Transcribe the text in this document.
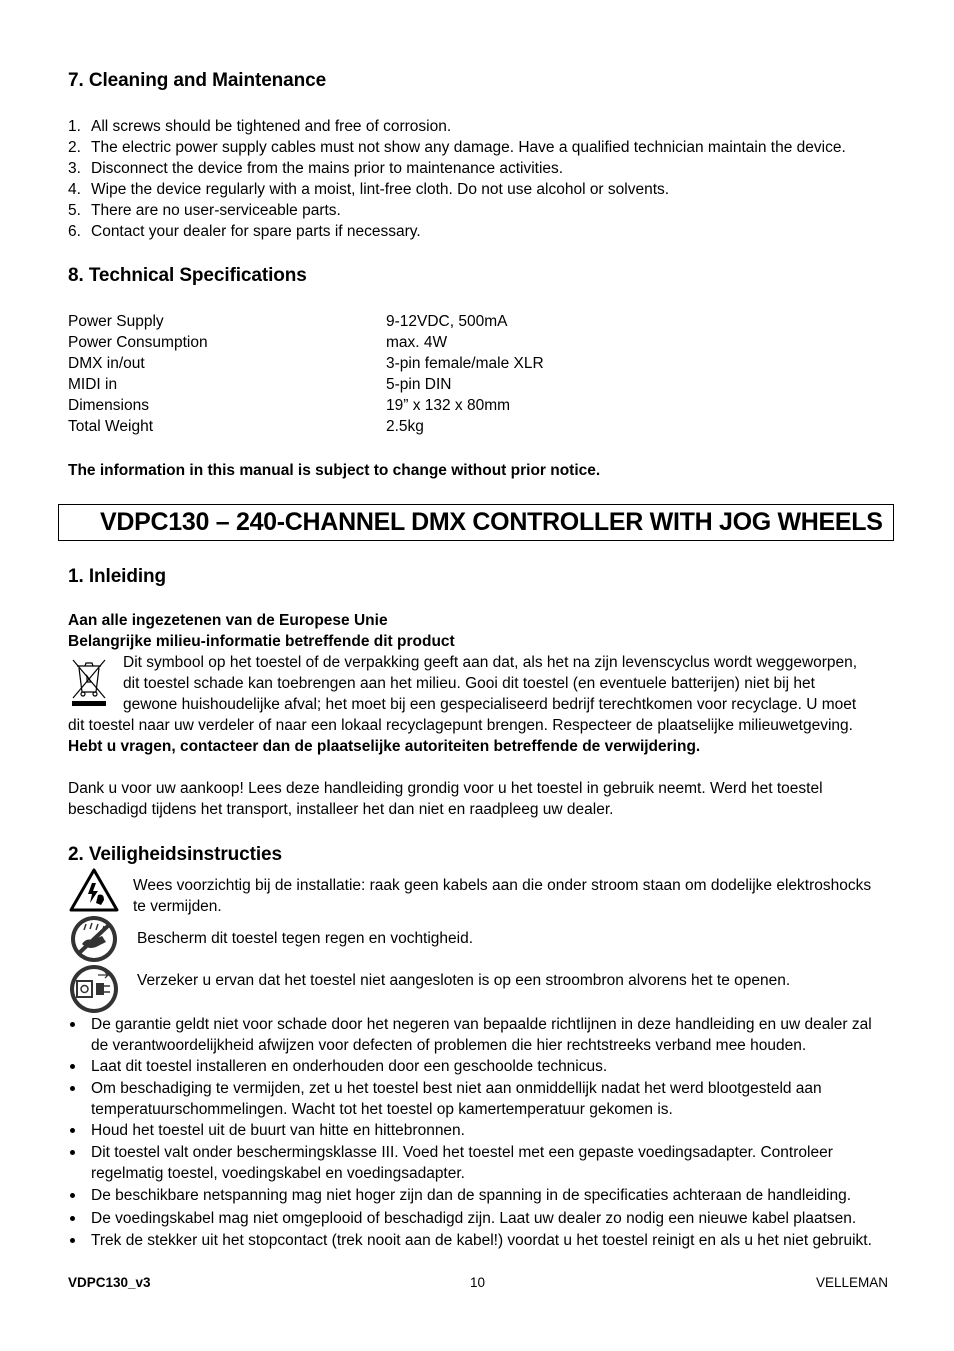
7. Cleaning and Maintenance
1. All screws should be tightened and free of corrosion.
2. The electric power supply cables must not show any damage. Have a qualified technician maintain the device.
3. Disconnect the device from the mains prior to maintenance activities.
4. Wipe the device regularly with a moist, lint-free cloth. Do not use alcohol or solvents.
5. There are no user-serviceable parts.
6. Contact your dealer for spare parts if necessary.
8. Technical Specifications
Power Supply	9-12VDC, 500mA
Power Consumption	max. 4W
DMX in/out	3-pin female/male XLR
MIDI in	5-pin DIN
Dimensions	19” x 132 x 80mm
Total Weight	2.5kg
The information in this manual is subject to change without prior notice.
VDPC130 – 240-CHANNEL DMX CONTROLLER WITH JOG WHEELS
1. Inleiding
Aan alle ingezetenen van de Europese Unie
Belangrijke milieu-informatie betreffende dit product
Dit symbool op het toestel of de verpakking geeft aan dat, als het na zijn levenscyclus wordt weggeworpen,
dit toestel schade kan toebrengen aan het milieu. Gooi dit toestel (en eventuele batterijen) niet bij het
gewone huishoudelijke afval; het moet bij een gespecialiseerd bedrijf terechtkomen voor recyclage. U moet
dit toestel naar uw verdeler of naar een lokaal recyclagepunt brengen. Respecteer de plaatselijke milieuwetgeving.
Hebt u vragen, contacteer dan de plaatselijke autoriteiten betreffende de verwijdering.
Dank u voor uw aankoop! Lees deze handleiding grondig voor u het toestel in gebruik neemt. Werd het toestel
beschadigd tijdens het transport, installeer het dan niet en raadpleeg uw dealer.
2. Veiligheidsinstructies
Wees voorzichtig bij de installatie: raak geen kabels aan die onder stroom staan om dodelijke elektroshocks
te vermijden.
Bescherm dit toestel tegen regen en vochtigheid.
Verzeker u ervan dat het toestel niet aangesloten is op een stroombron alvorens het te openen.
De garantie geldt niet voor schade door het negeren van bepaalde richtlijnen in deze handleiding en uw dealer zal
de verantwoordelijkheid afwijzen voor defecten of problemen die hier rechtstreeks verband mee houden.
Laat dit toestel installeren en onderhouden door een geschoolde technicus.
Om beschadiging te vermijden, zet u het toestel best niet aan onmiddellijk nadat het werd blootgesteld aan
temperatuurschommelingen. Wacht tot het toestel op kamertemperatuur gekomen is.
Houd het toestel uit de buurt van hitte en hittebronnen.
Dit toestel valt onder beschermingsklasse III. Voed het toestel met een gepaste voedingsadapter. Controleer
regelmatig toestel, voedingskabel en voedingsadapter.
De beschikbare netspanning mag niet hoger zijn dan de spanning in de specificaties achteraan de handleiding.
De voedingskabel mag niet omgeplooid of beschadigd zijn. Laat uw dealer zo nodig een nieuwe kabel plaatsen.
Trek de stekker uit het stopcontact (trek nooit aan de kabel!) voordat u het toestel reinigt en als u het niet gebruikt.
VDPC130_v3	10	VELLEMAN
